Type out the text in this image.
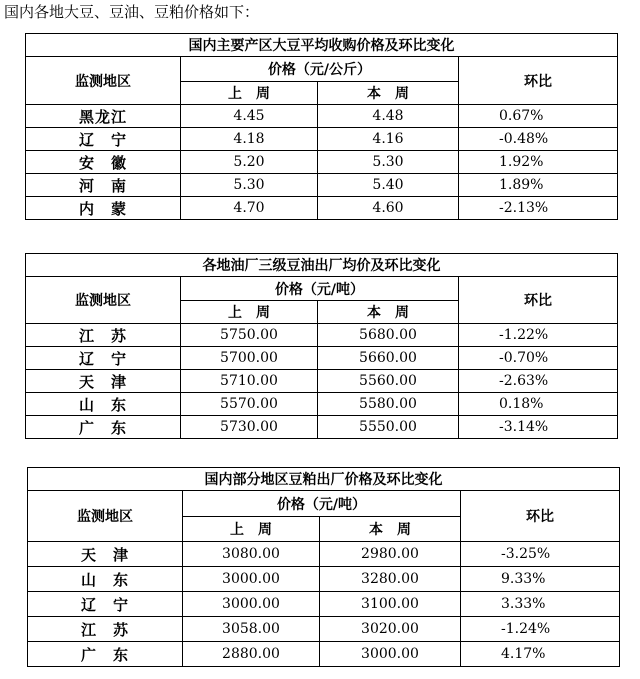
国内各地大豆、豆油、豆粕价格如下：
国内主要产区大豆平均收购价格及环比变化			
监测地区	价格（元/公斤）		环比
	上　周	本　周	
黑龙江	4.45	4.48	0.67%
辽　宁	4.18	4.16	-0.48%
安　徽	5.20	5.30	1.92%
河　南	5.30	5.40	1.89%
内　蒙	4.70	4.60	-2.13%
各地油厂三级豆油出厂均价及环比变化			
监测地区	价格（元/吨）		环比
	上　周	本　周	
江　苏	5750.00	5680.00	-1.22%
辽　宁	5700.00	5660.00	-0.70%
天　津	5710.00	5560.00	-2.63%
山　东	5570.00	5580.00	0.18%
广　东	5730.00	5550.00	-3.14%
国内部分地区豆粕出厂价格及环比变化			
监测地区	价格（元/吨）		环比
	上　周	本　周	
天　津	3080.00	2980.00	-3.25%
山　东	3000.00	3280.00	9.33%
辽　宁	3000.00	3100.00	3.33%
江　苏	3058.00	3020.00	-1.24%
广　东	2880.00	3000.00	4.17%
